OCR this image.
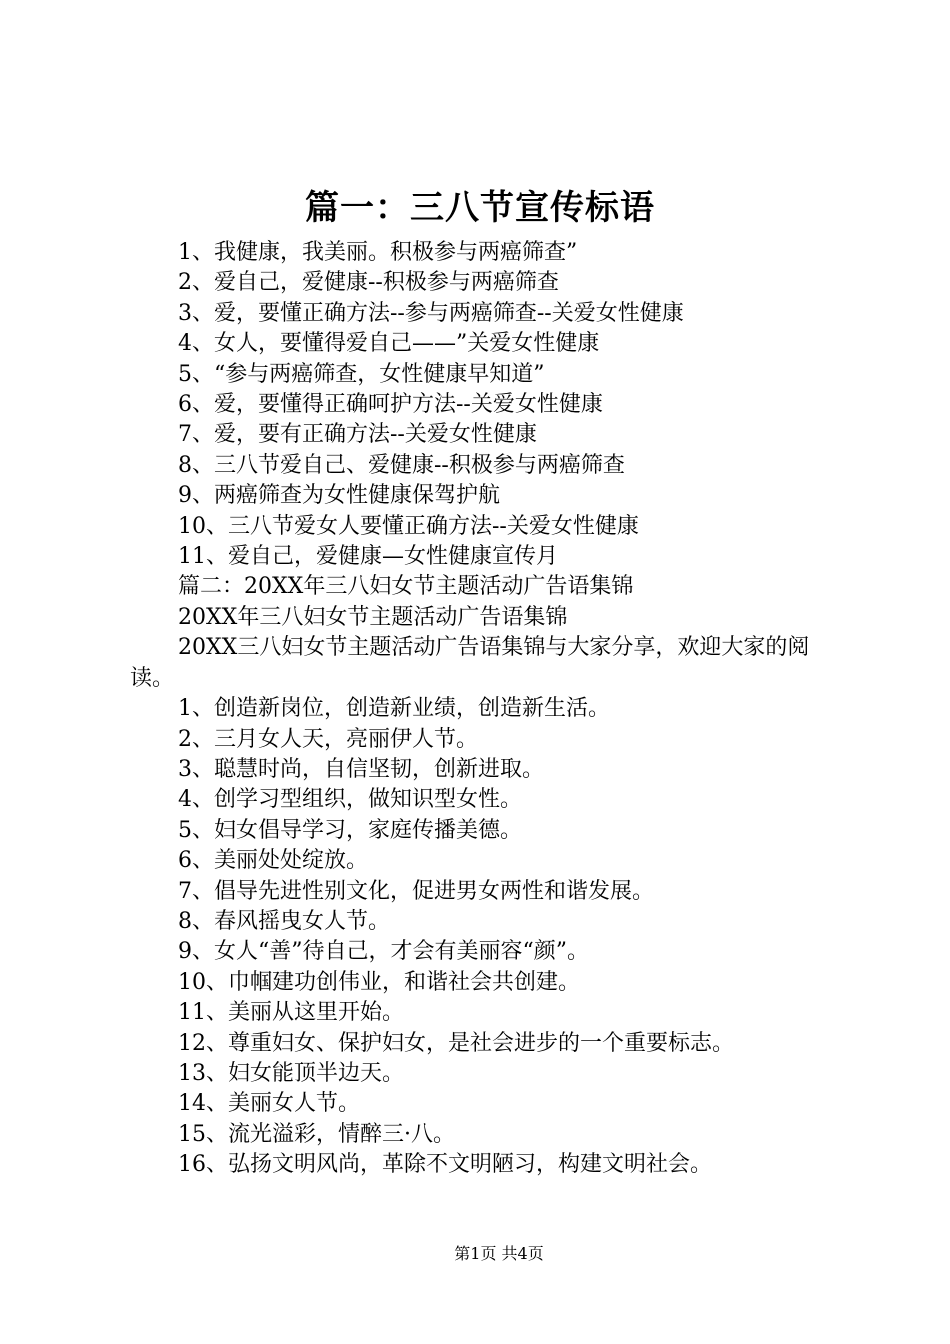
篇一：三八节宣传标语
1、我健康，我美丽。积极参与两癌筛查”
2、爱自己，爱健康--积极参与两癌筛查
3、爱，要懂正确方法--参与两癌筛查--关爱女性健康
4、女人，要懂得爱自己——”关爱女性健康
5、“参与两癌筛查，女性健康早知道”
6、爱，要懂得正确呵护方法--关爱女性健康
7、爱，要有正确方法--关爱女性健康
8、三八节爱自己、爱健康--积极参与两癌筛查
9、两癌筛查为女性健康保驾护航
10、三八节爱女人要懂正确方法--关爱女性健康
11、爱自己，爱健康—女性健康宣传月
篇二：20XX年三八妇女节主题活动广告语集锦
20XX年三八妇女节主题活动广告语集锦
20XX三八妇女节主题活动广告语集锦与大家分享，欢迎大家的阅读。
1、创造新岗位，创造新业绩，创造新生活。
2、三月女人天，亮丽伊人节。
3、聪慧时尚，自信坚韧，创新进取。
4、创学习型组织，做知识型女性。
5、妇女倡导学习，家庭传播美德。
6、美丽处处绽放。
7、倡导先进性别文化，促进男女两性和谐发展。
8、春风摇曳女人节。
9、女人“善”待自己，才会有美丽容“颜”。
10、巾帼建功创伟业，和谐社会共创建。
11、美丽从这里开始。
12、尊重妇女、保护妇女，是社会进步的一个重要标志。
13、妇女能顶半边天。
14、美丽女人节。
15、流光溢彩，情醉三·八。
16、弘扬文明风尚，革除不文明陋习，构建文明社会。
第1页 共4页
